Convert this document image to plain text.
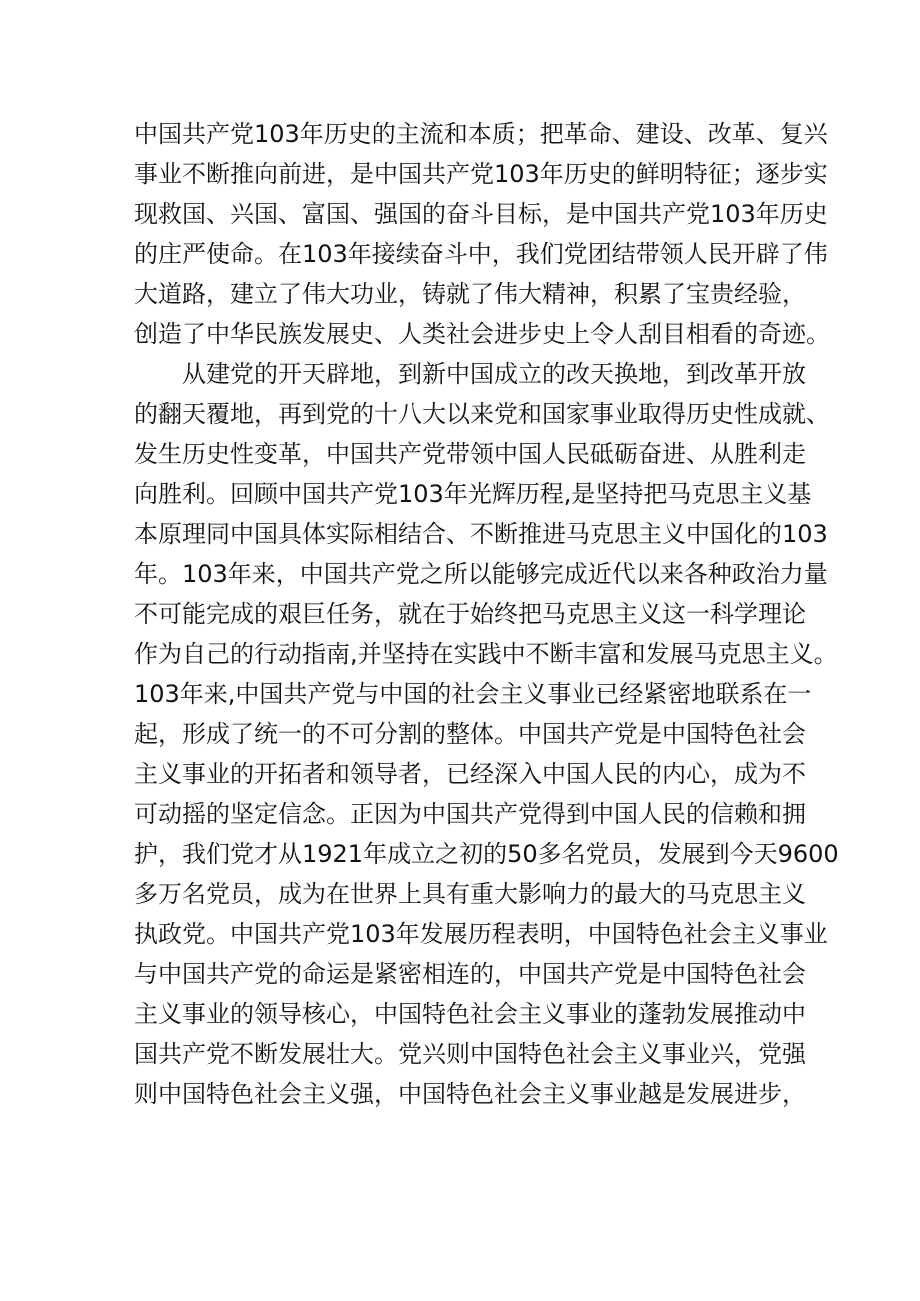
中国共产党103年历史的主流和本质；把革命、建设、改革、复兴
事业不断推向前进，是中国共产党103年历史的鲜明特征；逐步实
现救国、兴国、富国、强国的奋斗目标，是中国共产党103年历史
的庄严使命。在103年接续奋斗中，我们党团结带领人民开辟了伟
大道路，建立了伟大功业，铸就了伟大精神，积累了宝贵经验，
创造了中华民族发展史、人类社会进步史上令人刮目相看的奇迹。
从建党的开天辟地，到新中国成立的改天换地，到改革开放
的翻天覆地，再到党的十八大以来党和国家事业取得历史性成就、
发生历史性变革，中国共产党带领中国人民砥砺奋进、从胜利走
向胜利。回顾中国共产党103年光辉历程,是坚持把马克思主义基
本原理同中国具体实际相结合、不断推进马克思主义中国化的103
年。103年来，中国共产党之所以能够完成近代以来各种政治力量
不可能完成的艰巨任务，就在于始终把马克思主义这一科学理论
作为自己的行动指南,并坚持在实践中不断丰富和发展马克思主义。
103年来,中国共产党与中国的社会主义事业已经紧密地联系在一
起，形成了统一的不可分割的整体。中国共产党是中国特色社会
主义事业的开拓者和领导者，已经深入中国人民的内心，成为不
可动摇的坚定信念。正因为中国共产党得到中国人民的信赖和拥
护，我们党才从1921年成立之初的50多名党员，发展到今天9600
多万名党员，成为在世界上具有重大影响力的最大的马克思主义
执政党。中国共产党103年发展历程表明，中国特色社会主义事业
与中国共产党的命运是紧密相连的，中国共产党是中国特色社会
主义事业的领导核心，中国特色社会主义事业的蓬勃发展推动中
国共产党不断发展壮大。党兴则中国特色社会主义事业兴，党强
则中国特色社会主义强，中国特色社会主义事业越是发展进步，
